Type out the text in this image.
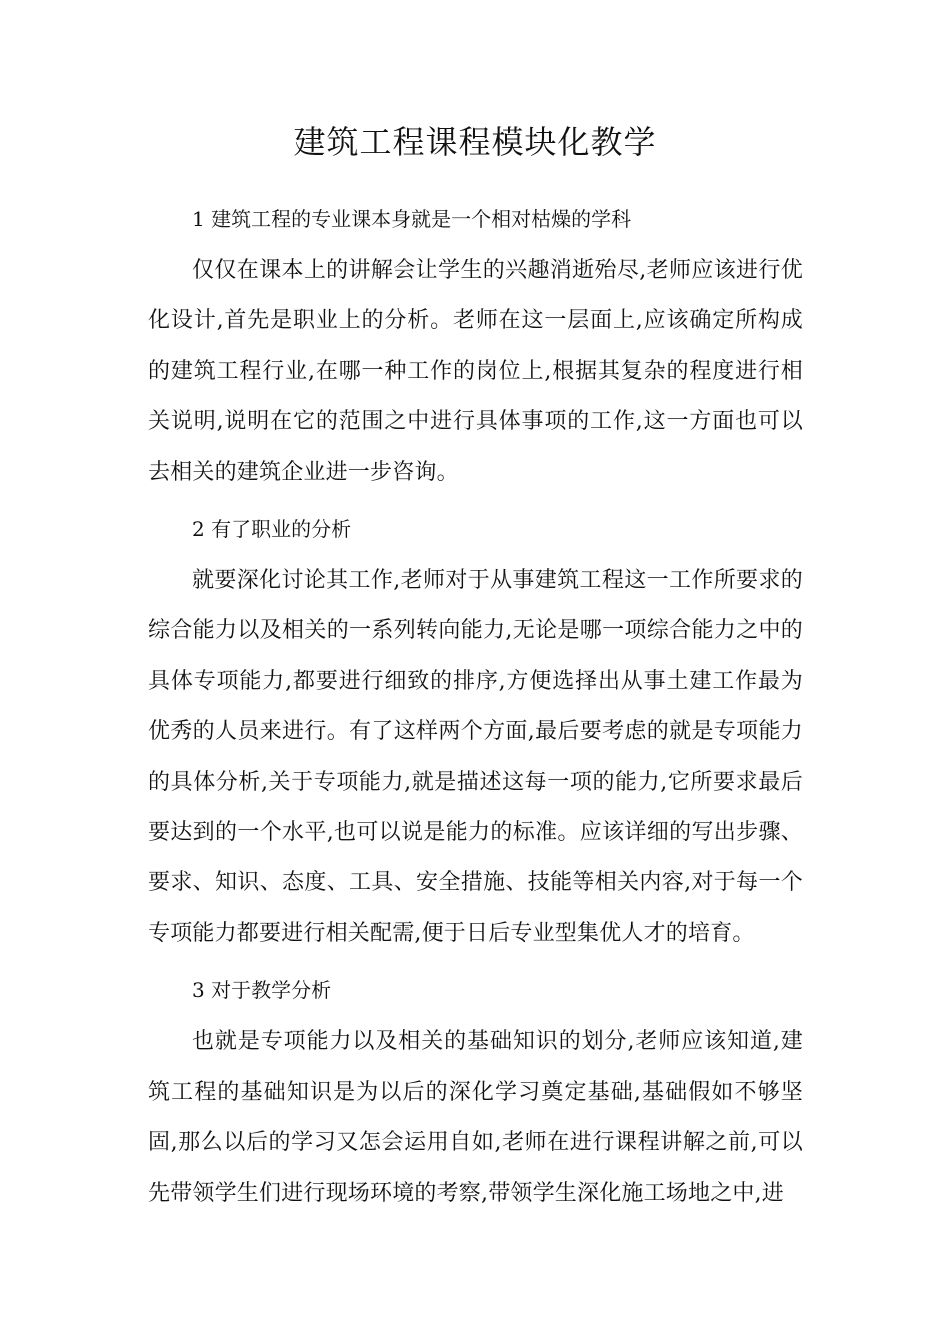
建筑工程课程模块化教学

1 建筑工程的专业课本身就是一个相对枯燥的学科

仅仅在课本上的讲解会让学生的兴趣消逝殆尽,老师应该进行优化设计,首先是职业上的分析。老师在这一层面上,应该确定所构成的建筑工程行业,在哪一种工作的岗位上,根据其复杂的程度进行相关说明,说明在它的范围之中进行具体事项的工作,这一方面也可以去相关的建筑企业进一步咨询。

2 有了职业的分析

就要深化讨论其工作,老师对于从事建筑工程这一工作所要求的综合能力以及相关的一系列转向能力,无论是哪一项综合能力之中的具体专项能力,都要进行细致的排序,方便选择出从事土建工作最为优秀的人员来进行。有了这样两个方面,最后要考虑的就是专项能力的具体分析,关于专项能力,就是描述这每一项的能力,它所要求最后要达到的一个水平,也可以说是能力的标准。应该详细的写出步骤、要求、知识、态度、工具、安全措施、技能等相关内容,对于每一个专项能力都要进行相关配需,便于日后专业型集优人才的培育。

3 对于教学分析

也就是专项能力以及相关的基础知识的划分,老师应该知道,建筑工程的基础知识是为以后的深化学习奠定基础,基础假如不够坚固,那么以后的学习又怎会运用自如,老师在进行课程讲解之前,可以先带领学生们进行现场环境的考察,带领学生深化施工场地之中,进
